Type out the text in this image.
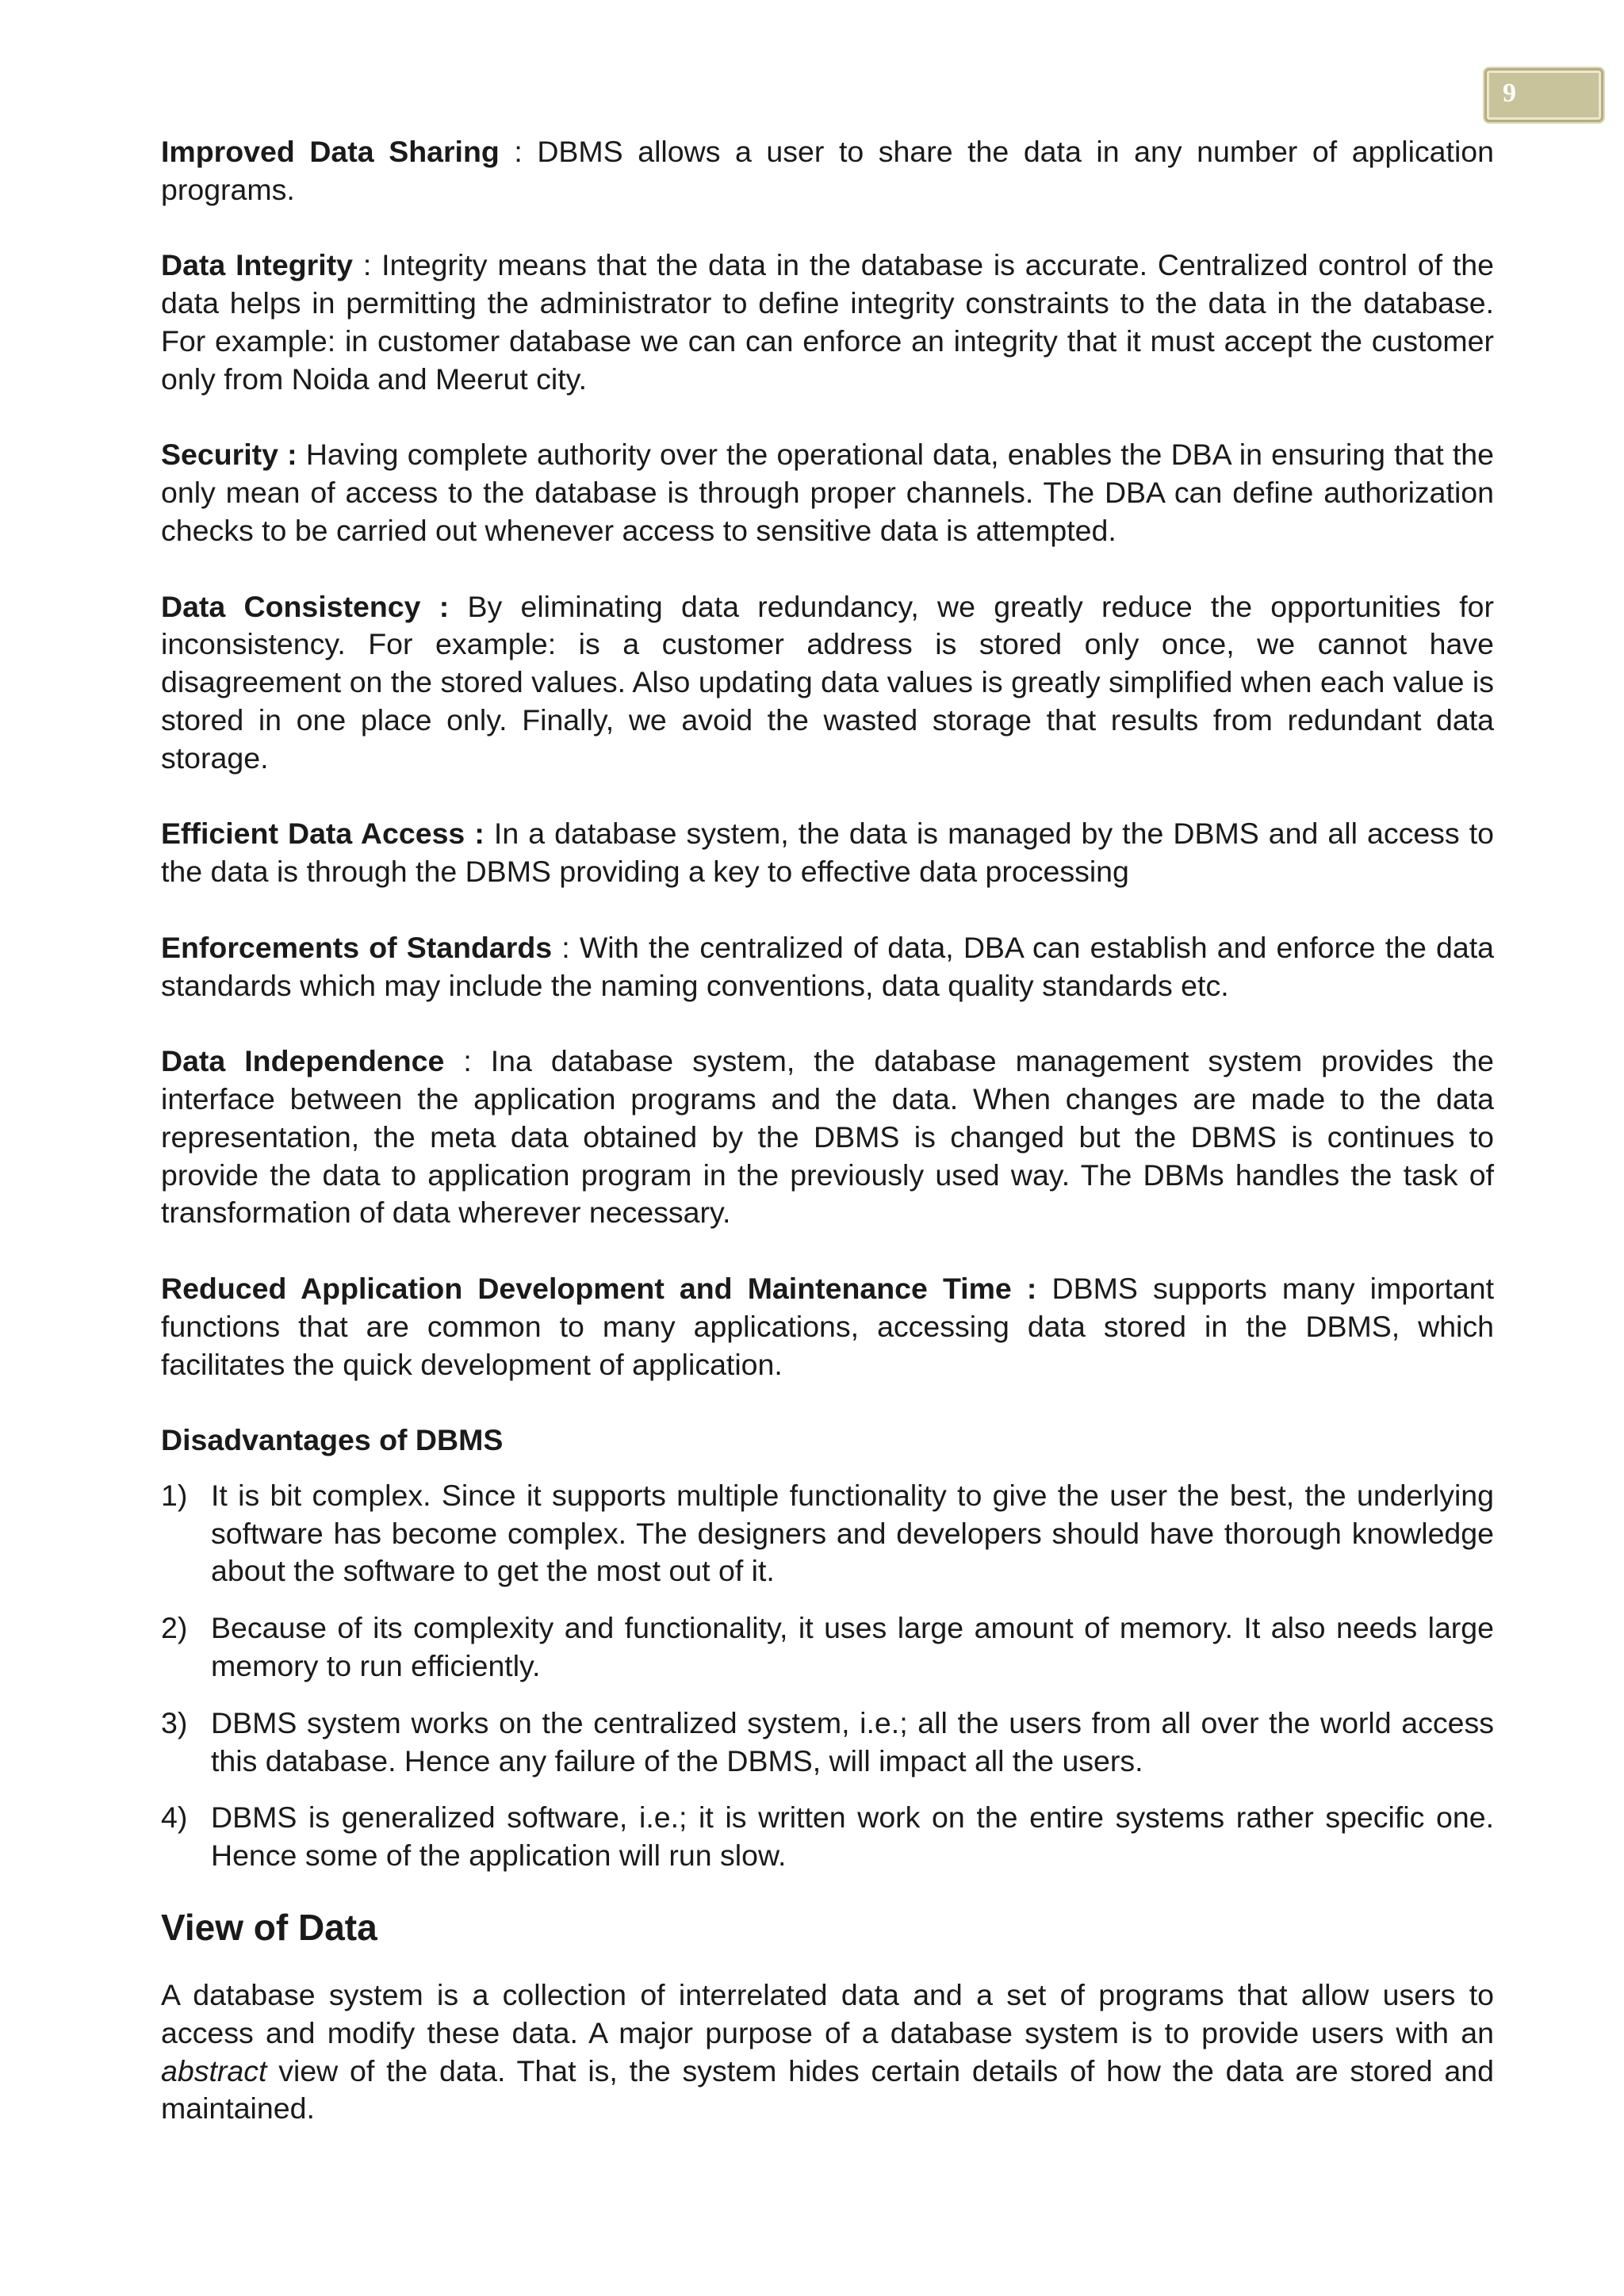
9

Improved Data Sharing : DBMS allows a user to share the data in any number of application programs.

Data Integrity : Integrity means that the data in the database is accurate. Centralized control of the data helps in permitting the administrator to define integrity constraints to the data in the database. For example: in customer database we can can enforce an integrity that it must accept the customer only from Noida and Meerut city.

Security : Having complete authority over the operational data, enables the DBA in ensuring that the only mean of access to the database is through proper channels. The DBA can define authorization checks to be carried out whenever access to sensitive data is attempted.

Data Consistency : By eliminating data redundancy, we greatly reduce the opportunities for inconsistency. For example: is a customer address is stored only once, we cannot have disagreement on the stored values. Also updating data values is greatly simplified when each value is stored in one place only. Finally, we avoid the wasted storage that results from redundant data storage.

Efficient Data Access : In a database system, the data is managed by the DBMS and all access to the data is through the DBMS providing a key to effective data processing

Enforcements of Standards : With the centralized of data, DBA can establish and enforce the data standards which may include the naming conventions, data quality standards etc.

Data Independence : Ina database system, the database management system provides the interface between the application programs and the data. When changes are made to the data representation, the meta data obtained by the DBMS is changed but the DBMS is continues to provide the data to application program in the previously used way. The DBMs handles the task of transformation of data wherever necessary.

Reduced Application Development and Maintenance Time : DBMS supports many important functions that are common to many applications, accessing data stored in the DBMS, which facilitates the quick development of application.

Disadvantages of DBMS
1) It is bit complex. Since it supports multiple functionality to give the user the best, the underlying software has become complex. The designers and developers should have thorough knowledge about the software to get the most out of it.
2) Because of its complexity and functionality, it uses large amount of memory. It also needs large memory to run efficiently.
3) DBMS system works on the centralized system, i.e.; all the users from all over the world access this database. Hence any failure of the DBMS, will impact all the users.
4) DBMS is generalized software, i.e.; it is written work on the entire systems rather specific one. Hence some of the application will run slow.
View of Data

A database system is a collection of interrelated data and a set of programs that allow users to access and modify these data. A major purpose of a database system is to provide users with an abstract view of the data. That is, the system hides certain details of how the data are stored and maintained.
